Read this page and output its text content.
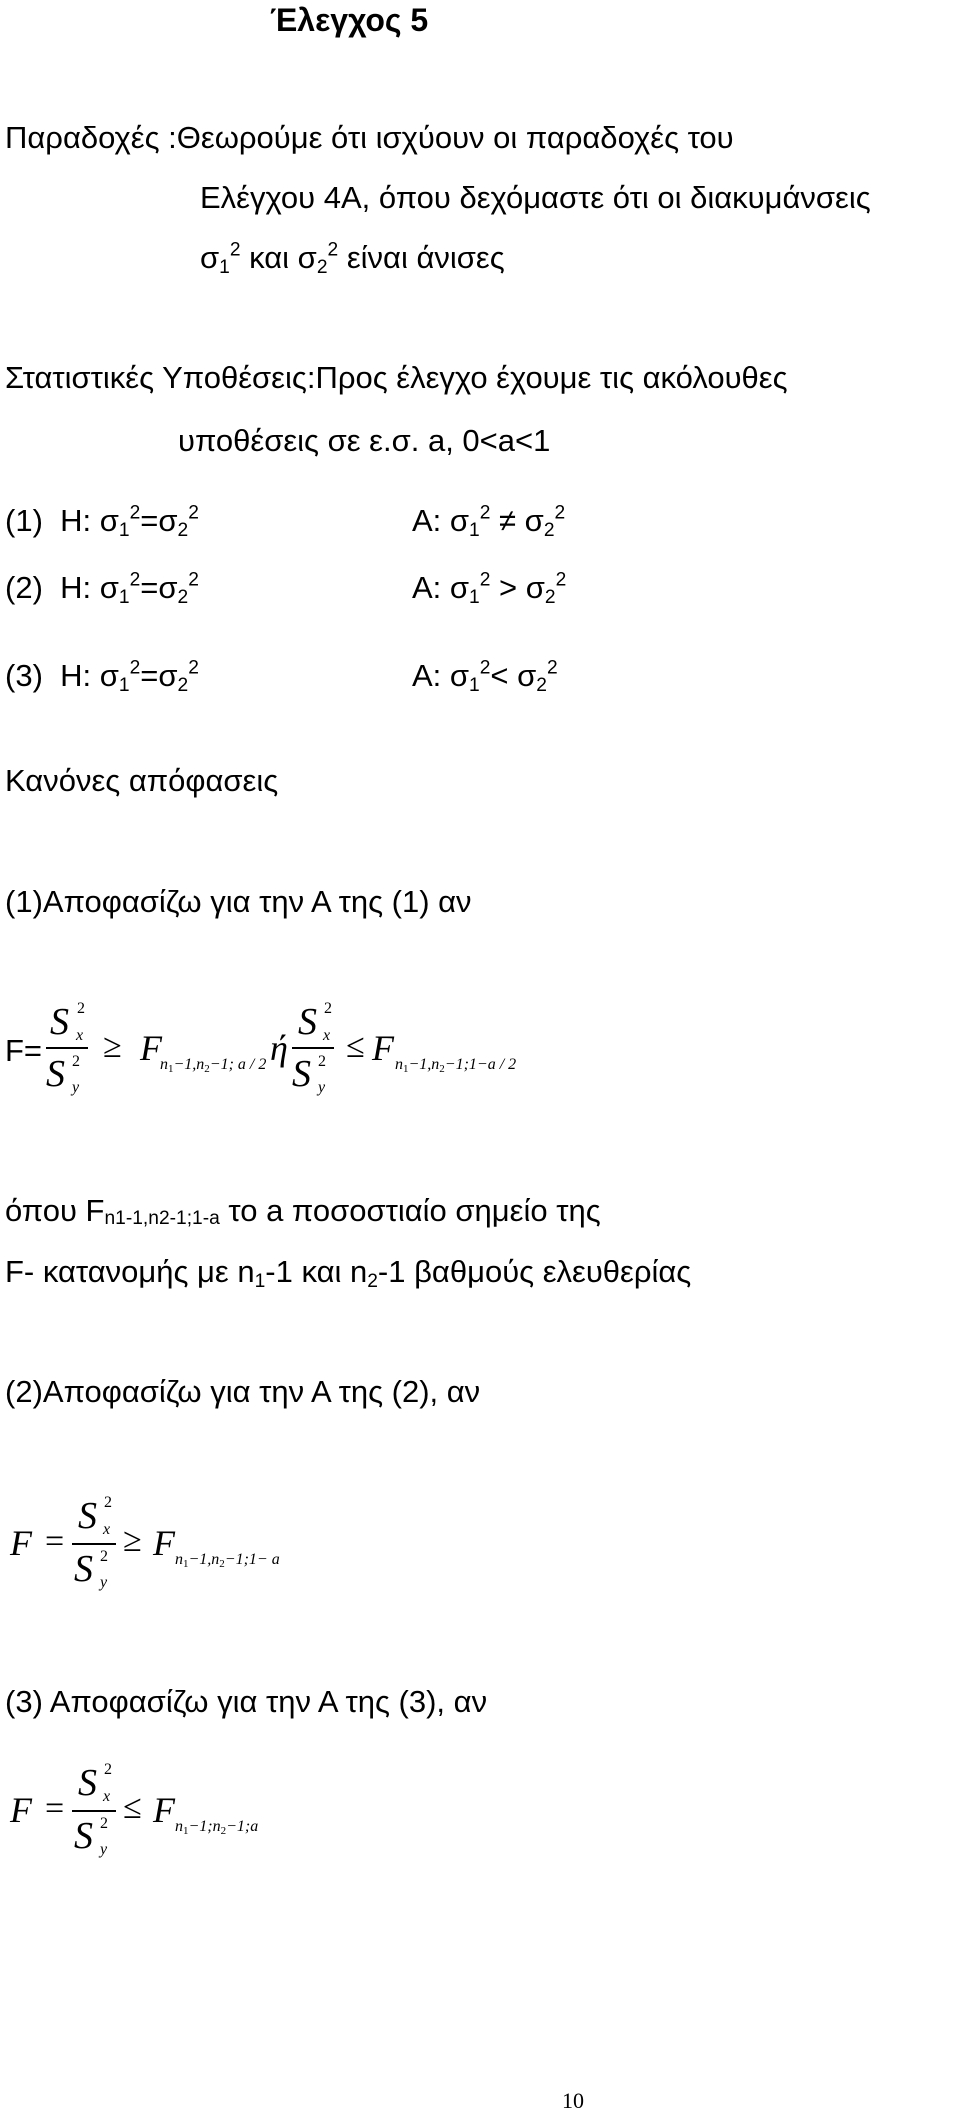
Έλεγχος 5
Παραδοχές :Θεωρούμε ότι ισχύουν οι παραδοχές του
Ελέγχου 4Α, όπου δεχόμαστε ότι οι διακυμάνσεις
$\sigma_1^2$ και $\sigma_2^2$ είναι άνισες
Στατιστικές Υποθέσεις:Προς έλεγχο έχουμε τις ακόλουθες
υποθέσεις σε ε.σ. a, 0<a<1
(1) H: $\sigma_1^2=\sigma_2^2$	A: $\sigma_1^2 \ne \sigma_2^2$
(2) H: $\sigma_1^2=\sigma_2^2$	A: $\sigma_1^2 > \sigma_2^2$
(3) H: $\sigma_1^2=\sigma_2^2$	A: $\sigma_1^2< \sigma_2^2$
Κανόνες απόφασεις
(1)Αποφασίζω για την Α της (1) αν
F=
S 2
x
S 2
y
≥ F
$n_1-1,n_2-1$; a / 2 ή
S 2
x
S 2
y
≤ F $n_1-1,n_2-1;1-a / 2$
όπου $F_{n1-1,n2-1;1-a}$ το a ποσοστιαίο σημείο της
F- κατανομής με $n_1-1$ και $n_2-1$ βαθμούς ελευθερίας
(2)Αποφασίζω για την Α της (2), αν
F =
S 2
x
S 2
y
≥ F $n_1-1,n_2-1;1- a$
(3) Αποφασίζω για την Α της (3), αν
F =
S 2
x
S 2
y
≤ F $n_1-1;n_2-1;a$
10
